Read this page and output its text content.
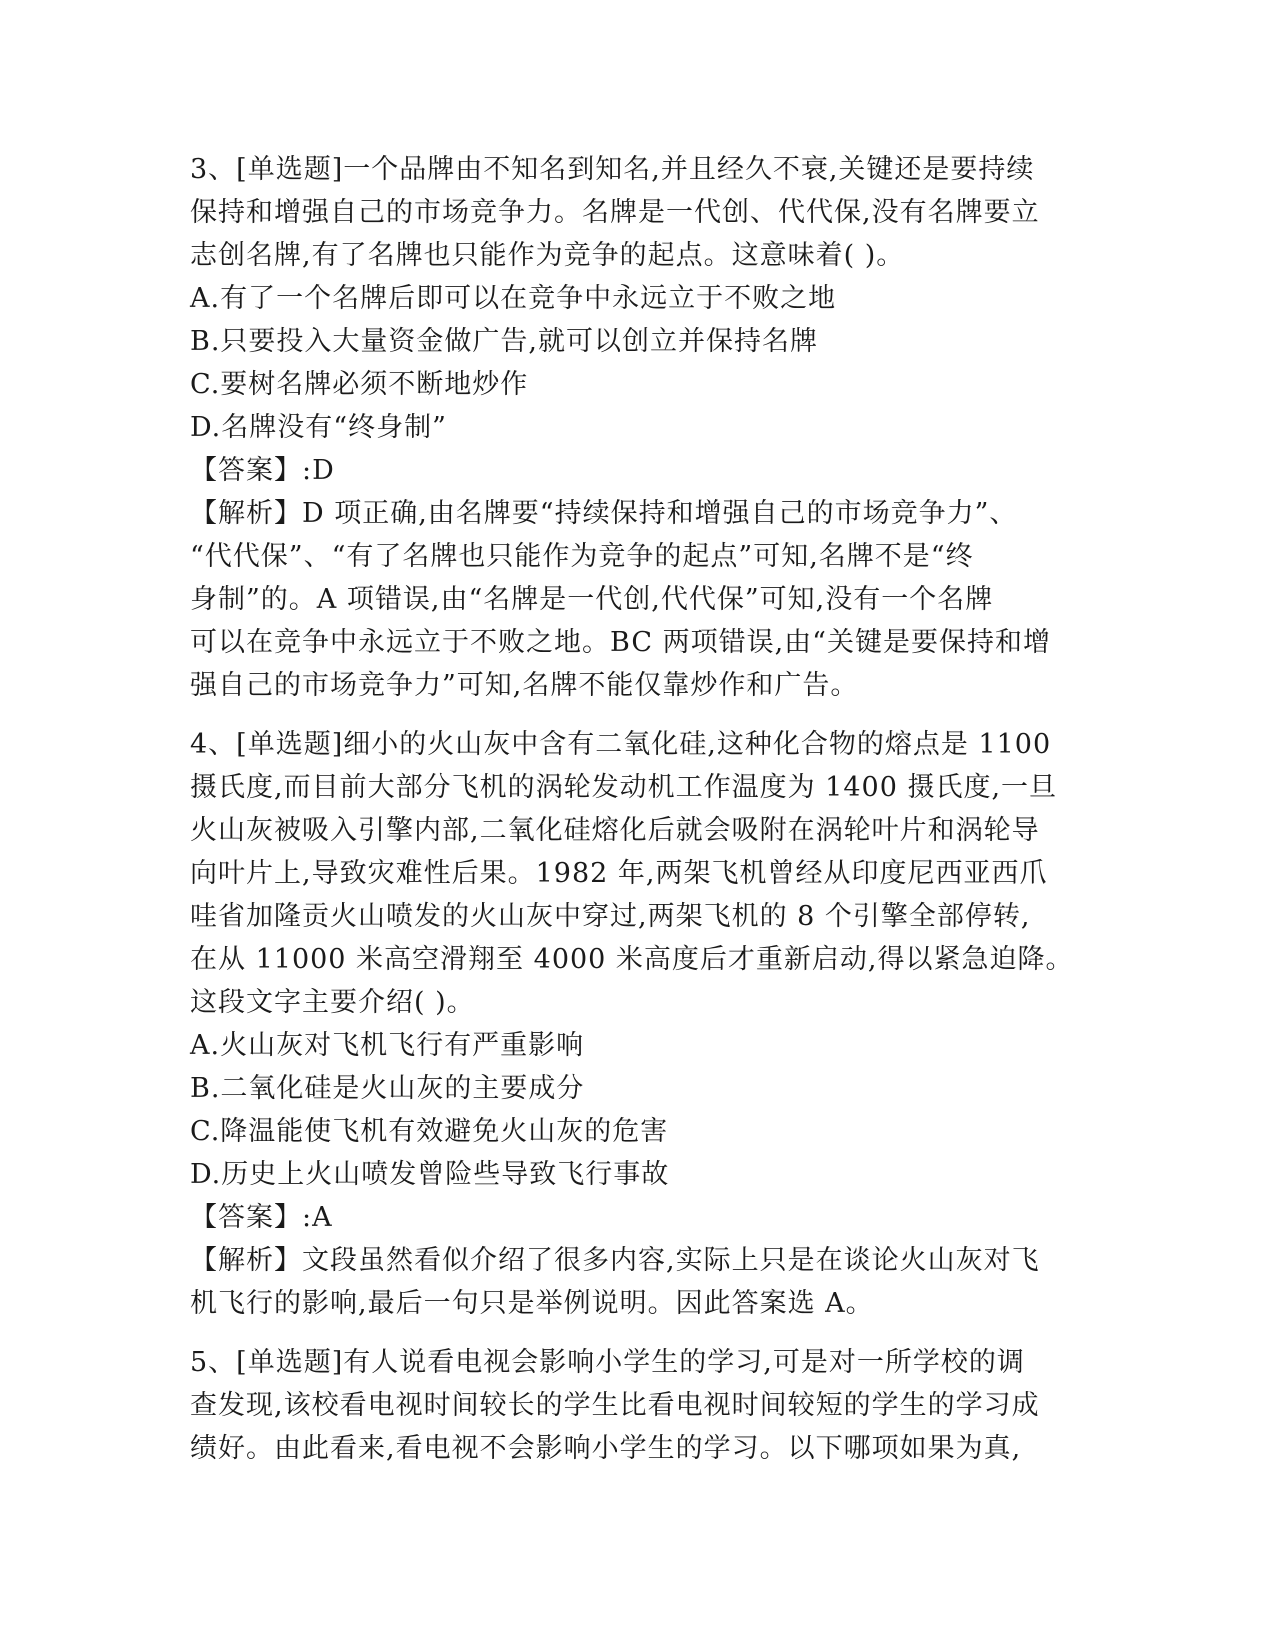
3、[单选题]一个品牌由不知名到知名,并且经久不衰,关键还是要持续
保持和增强自己的市场竞争力。名牌是一代创、代代保,没有名牌要立
志创名牌,有了名牌也只能作为竞争的起点。这意味着( )。
A.有了一个名牌后即可以在竞争中永远立于不败之地
B.只要投入大量资金做广告,就可以创立并保持名牌
C.要树名牌必须不断地炒作
D.名牌没有“终身制”
【答案】:D
【解析】D 项正确,由名牌要“持续保持和增强自己的市场竞争力”、
“代代保”、“有了名牌也只能作为竞争的起点”可知,名牌不是“终
身制”的。A 项错误,由“名牌是一代创,代代保”可知,没有一个名牌
可以在竞争中永远立于不败之地。BC 两项错误,由“关键是要保持和增
强自己的市场竞争力”可知,名牌不能仅靠炒作和广告。
4、[单选题]细小的火山灰中含有二氧化硅,这种化合物的熔点是 1100
摄氏度,而目前大部分飞机的涡轮发动机工作温度为 1400 摄氏度,一旦
火山灰被吸入引擎内部,二氧化硅熔化后就会吸附在涡轮叶片和涡轮导
向叶片上,导致灾难性后果。1982 年,两架飞机曾经从印度尼西亚西爪
哇省加隆贡火山喷发的火山灰中穿过,两架飞机的 8 个引擎全部停转,
在从 11000 米高空滑翔至 4000 米高度后才重新启动,得以紧急迫降。
这段文字主要介绍( )。
A.火山灰对飞机飞行有严重影响
B.二氧化硅是火山灰的主要成分
C.降温能使飞机有效避免火山灰的危害
D.历史上火山喷发曾险些导致飞行事故
【答案】:A
【解析】文段虽然看似介绍了很多内容,实际上只是在谈论火山灰对飞
机飞行的影响,最后一句只是举例说明。因此答案选 A。
5、[单选题]有人说看电视会影响小学生的学习,可是对一所学校的调
查发现,该校看电视时间较长的学生比看电视时间较短的学生的学习成
绩好。由此看来,看电视不会影响小学生的学习。以下哪项如果为真,
